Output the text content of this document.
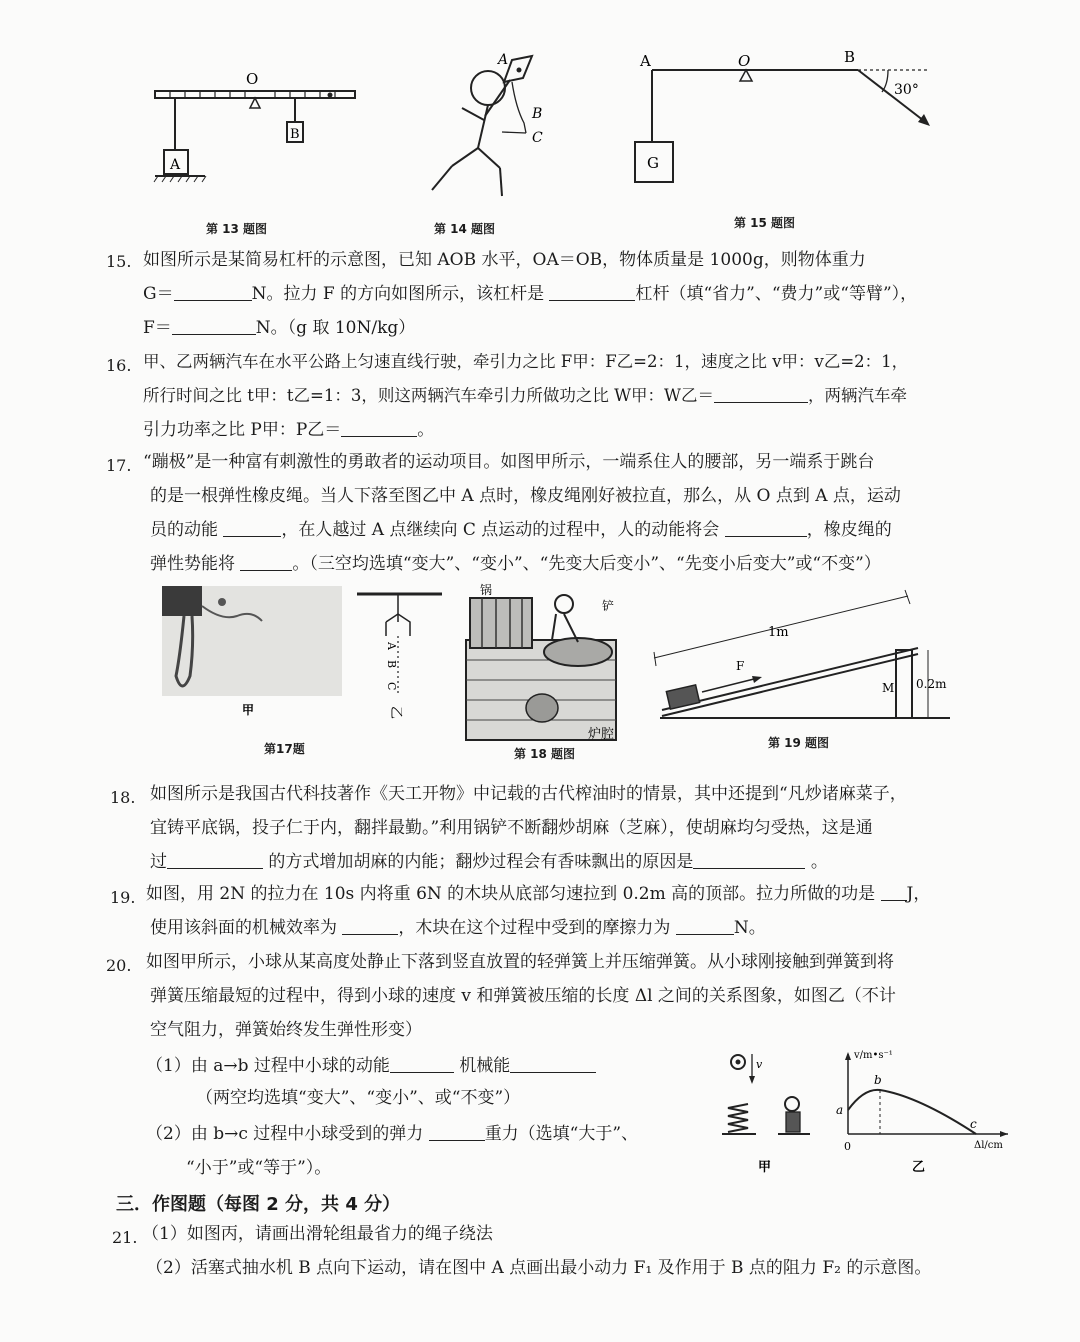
O
A
B
第 13 题图
A
B
C
第 14 题图
A	O	B
G
30°
第 15 题图
15. 如图所示是某简易杠杆的示意图，已知 AOB 水平，OA＝OB，物体质量是 1000g，则物体重力
G＝	N。拉力 F 的方向如图所示，该杠杆是	杠杆（填“省力”、“费力”或“等臂”），
F＝	N。（g 取 10N/kg）
16. 甲、乙两辆汽车在水平公路上匀速直线行驶，牵引力之比 F甲：F乙=2：1，速度之比 v甲：v乙=2：1，
所行时间之比 t甲：t乙=1：3，则这两辆汽车牵引力所做功之比 W甲：W乙＝	，两辆汽车牵
引力功率之比 P甲：P乙＝	。
17. “蹦极”是一种富有刺激性的勇敢者的运动项目。如图甲所示，一端系住人的腰部，另一端系于跳台
的是一根弹性橡皮绳。当人下落至图乙中 A 点时，橡皮绳刚好被拉直，那么，从 O 点到 A 点，运动
员的动能	，在人越过 A 点继续向 C 点运动的过程中，人的动能将会	，橡皮绳的
弹性势能将	。（三空均选填“变大”、“变小”、“先变大后变小”、“先变小后变大”或“不变”）
甲
A
B
C
乙
第17题
锅
铲
炉腔
第 18 题图
1m
F
M 0.2m
第 19 题图
18. 如图所示是我国古代科技著作《天工开物》中记载的古代榨油时的情景，其中还提到“凡炒诸麻菜子，
宜铸平底锅，投子仁于内，翻拌最勤。”利用锅铲不断翻炒胡麻（芝麻），使胡麻均匀受热，这是通
过	的方式增加胡麻的内能；翻炒过程会有香味飘出的原因是	。
19. 如图，用 2N 的拉力在 10s 内将重 6N 的木块从底部匀速拉到 0.2m 高的顶部。拉力所做的功是 J，
使用该斜面的机械效率为	，木块在这个过程中受到的摩擦力为	N。
20. 如图甲所示，小球从某高度处静止下落到竖直放置的轻弹簧上并压缩弹簧。从小球刚接触到弹簧到将
弹簧压缩最短的过程中，得到小球的速度 v 和弹簧被压缩的长度 Δl 之间的关系图象，如图乙（不计
空气阻力，弹簧始终发生弹性形变）
（1）由 a→b 过程中小球的动能	机械能
（两空均选填“变大”、“变小”、或“不变”）
（2）由 b→c 过程中小球受到的弹力	重力（选填“大于”、
“小于”或“等于”）。
v
甲
v/m•s⁻¹
Δl/cm
a
b
c
0
乙
三．作图题（每图 2 分，共 4 分）
21. （1）如图丙，请画出滑轮组最省力的绳子绕法
（2）活塞式抽水机 B 点向下运动，请在图中 A 点画出最小动力 F₁ 及作用于 B 点的阻力 F₂ 的示意图。
